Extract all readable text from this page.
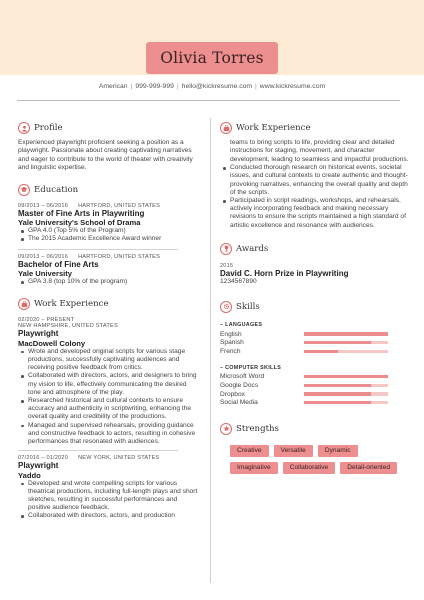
Olivia Torres
American | 999-999-999 | hello@kickresume.com | www.kickresume.com
Profile

Experienced playwright proficient seeking a position as a playwright. Passionate about creating captivating narratives and eager to contribute to the world of theater with creativity and linguistic expertise.

Education
09/2013 – 06/2016 HARTFORD, UNITED STATES
Master of Fine Arts in Playwriting
Yale University's School of Drama
GPA 4.0 (Top 5% of the Program)
The 2015 Academic Excellence Award winner
09/2013 – 06/2016 HARTFORD, UNITED STATES
Bachelor of Fine Arts
Yale University
GPA 3.8 (top 10% of the program)
Work Experience
02/2020 – PRESENT
NEW HAMPSHIRE, UNITED STATES
Playwright
MacDowell Colony
Wrote and developed original scripts for various stage productions, successfully captivating audiences and receiving positive feedback from critics.
Collaborated with directors, actors, and designers to bring my vision to life, effectively communicating the desired tone and atmosphere of the play.
Researched historical and cultural contexts to ensure accuracy and authenticity in scriptwriting, enhancing the overall quality and credibility of the productions.
Managed and supervised rehearsals, providing guidance and constructive feedback to actors, resulting in cohesive performances that resonated with audiences.
07/2016 – 01/2020 NEW YORK, UNITED STATES
Playwright
Yaddo
Developed and wrote compelling scripts for various theatrical productions, including full-length plays and short sketches, resulting in successful performances and positive audience feedback.
Collaborated with directors, actors, and production
Work Experience

teams to bring scripts to life, providing clear and detailed instructions for staging, movement, and character development, leading to seamless and impactful productions.

Conducted thorough research on historical events, societal issues, and cultural contexts to create authentic and thought-provoking narratives, enhancing the overall quality and depth of the scripts.
Participated in script readings, workshops, and rehearsals, actively incorporating feedback and making necessary revisions to ensure the scripts maintained a high standard of artistic excellence and resonance with audiences.
Awards
2015
David C. Horn Prize in Playwriting
1234567890
Skills
– LANGUAGES
English
Spanish
French
– COMPUTER SKILLS
Microsoft Word
Google Docs
Dropbox
Social Media
Strengths
Creative	Versatile	Dynamic
Imaginative	Collaborative	Detail-oriented
